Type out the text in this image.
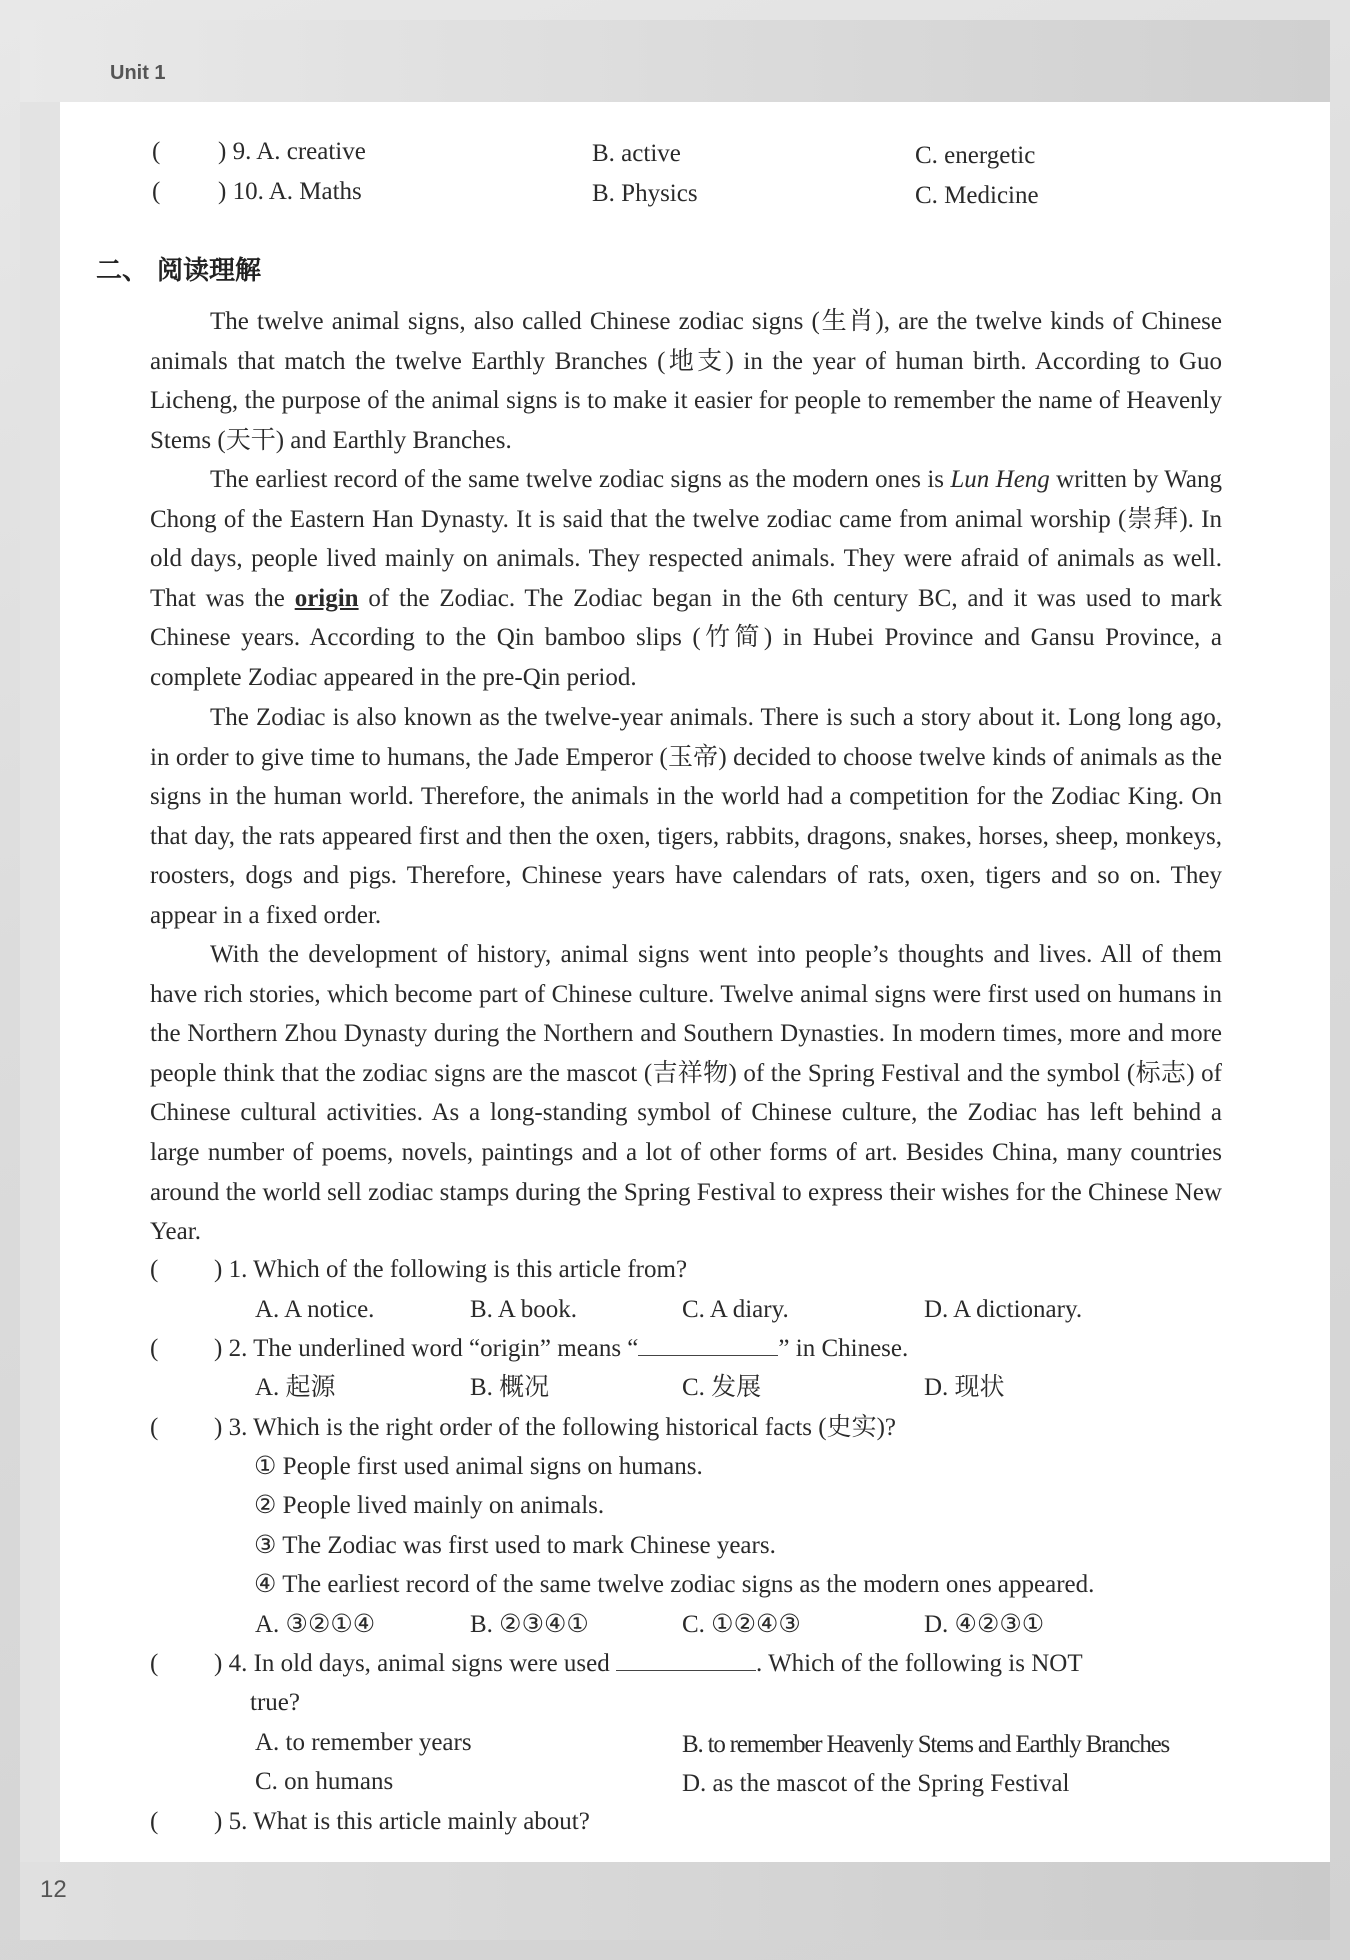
Unit 1
12
( ) 9. A. creative	B. active	C. energetic
( ) 10. A. Maths	B. Physics	C. Medicine
二、 阅读理解

The twelve animal signs, also called Chinese zodiac signs (生肖), are the twelve kinds of Chinese animals that match the twelve Earthly Branches (地支) in the year of human birth. According to Guo Licheng, the purpose of the animal signs is to make it easier for people to remember the name of Heavenly Stems (天干) and Earthly Branches.

The earliest record of the same twelve zodiac signs as the modern ones is Lun Heng written by Wang Chong of the Eastern Han Dynasty. It is said that the twelve zodiac came from animal worship (崇拜). In old days, people lived mainly on animals. They respected animals. They were afraid of animals as well. That was the origin of the Zodiac. The Zodiac began in the 6th century BC, and it was used to mark Chinese years. According to the Qin bamboo slips (竹简) in Hubei Province and Gansu Province, a complete Zodiac appeared in the pre-Qin period.

The Zodiac is also known as the twelve-year animals. There is such a story about it. Long long ago, in order to give time to humans, the Jade Emperor (玉帝) decided to choose twelve kinds of animals as the signs in the human world. Therefore, the animals in the world had a competition for the Zodiac King. On that day, the rats appeared first and then the oxen, tigers, rabbits, dragons, snakes, horses, sheep, monkeys, roosters, dogs and pigs. Therefore, Chinese years have calendars of rats, oxen, tigers and so on. They appear in a fixed order.

With the development of history, animal signs went into people’s thoughts and lives. All of them have rich stories, which become part of Chinese culture. Twelve animal signs were first used on humans in the Northern Zhou Dynasty during the Northern and Southern Dynasties. In modern times, more and more people think that the zodiac signs are the mascot (吉祥物) of the Spring Festival and the symbol (标志) of Chinese cultural activities. As a long-standing symbol of Chinese culture, the Zodiac has left behind a large number of poems, novels, paintings and a lot of other forms of art. Besides China, many countries around the world sell zodiac stamps during the Spring Festival to express their wishes for the Chinese New Year.

( ) 1. Which of the following is this article from?
A. A notice.	B. A book.	C. A diary.	D. A dictionary.
( ) 2. The underlined word “origin” means “	” in Chinese.
A. 起源	B. 概况	C. 发展	D. 现状
( ) 3. Which is the right order of the following historical facts (史实)?
① People first used animal signs on humans.
② People lived mainly on animals.
③ The Zodiac was first used to mark Chinese years.
④ The earliest record of the same twelve zodiac signs as the modern ones appeared.
A. ③②①④	B. ②③④①	C. ①②④③	D. ④②③①
( ) 4. In old days, animal signs were used	. Which of the following is NOT
true?
A. to remember years	B. to remember Heavenly Stems and Earthly Branches
C. on humans	D. as the mascot of the Spring Festival
( ) 5. What is this article mainly about?
